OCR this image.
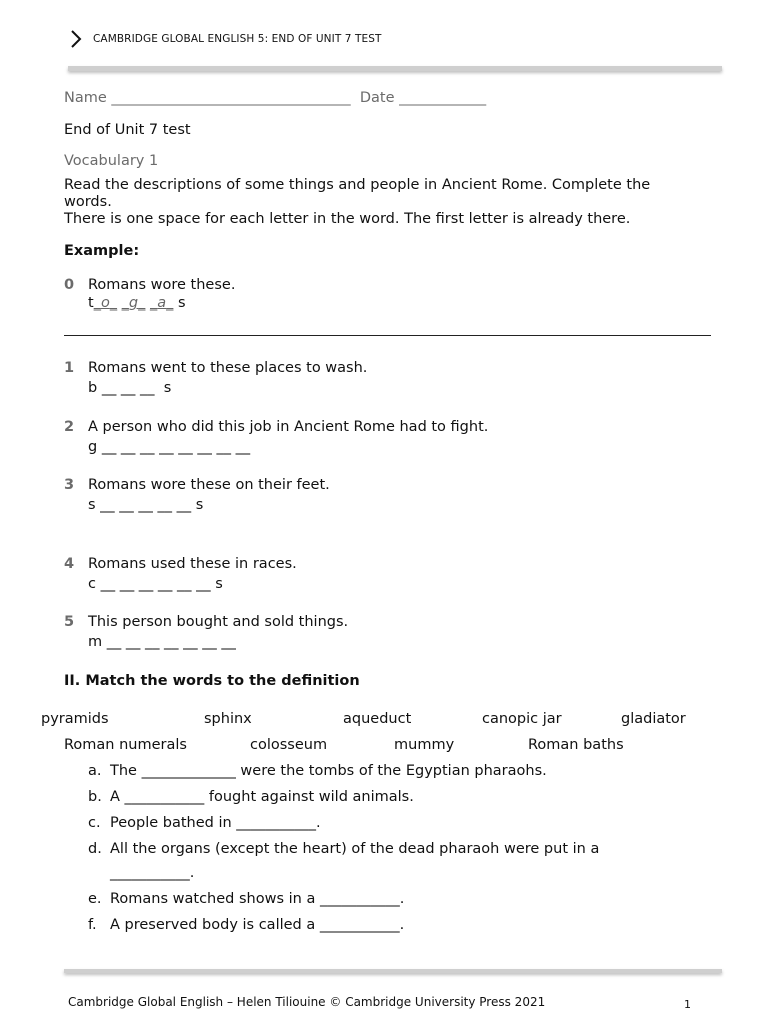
CAMBRIDGE GLOBAL ENGLISH 5: END OF UNIT 7 TEST
Name _________________________________ Date ____________
End of Unit 7 test
Vocabulary 1
Read the descriptions of some things and people in Ancient Rome. Complete the
words.
There is one space for each letter in the word. The first letter is already there.
Example:
0 Romans wore these.
t_o_ _g_ _a_ s
1 Romans went to these places to wash.
b __ __ __  s
2 A person who did this job in Ancient Rome had to fight.
g __ __ __ __ __ __ __ __
3 Romans wore these on their feet.
s __ __ __ __ __ s
4 Romans used these in races.
c __ __ __ __ __ __ s
5 This person bought and sold things.
m __ __ __ __ __ __ __
II. Match the words to the definition
pyramids	sphinx	aqueduct	canopic jar	gladiator
Roman numerals	colosseum	mummy	Roman baths
a. The _____________ were the tombs of the Egyptian pharaohs.
b. A ___________ fought against wild animals.
c. People bathed in ___________.
d. All the organs (except the heart) of the dead pharaoh were put in a
___________.
e. Romans watched shows in a ___________.
f. A preserved body is called a ___________.
Cambridge Global English – Helen Tiliouine © Cambridge University Press 2021	1
